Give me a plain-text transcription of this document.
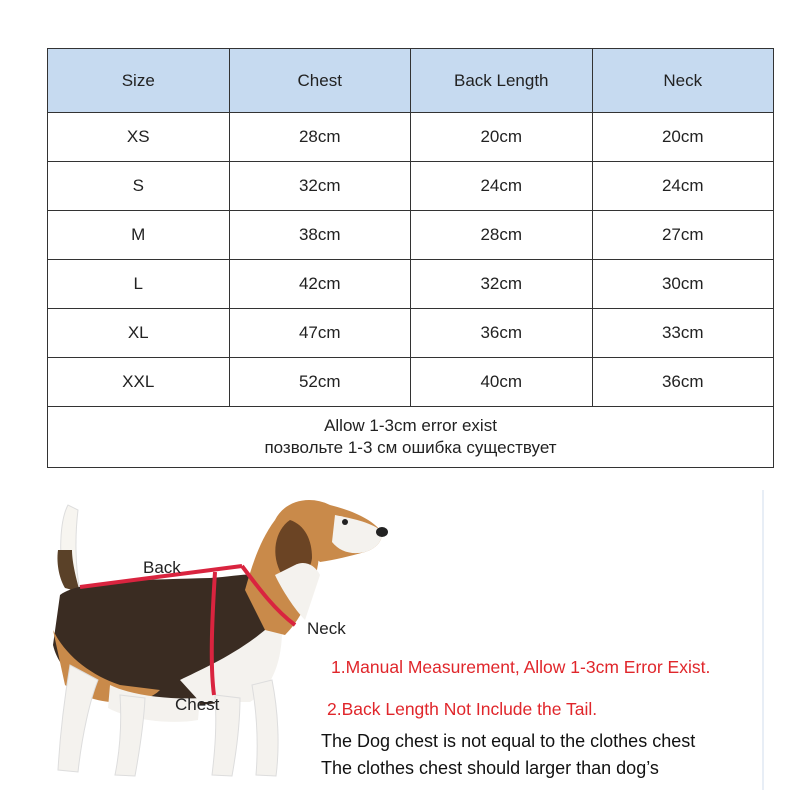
Size	Chest	Back Length	Neck
XS	28cm	20cm	20cm
S	32cm	24cm	24cm
M	38cm	28cm	27cm
L	42cm	32cm	30cm
XL	47cm	36cm	33cm
XXL	52cm	40cm	36cm

Allow 1-3cm error exist
позвольте 1-3 см ошибка существует			
Back
Neck
Chest
1.Manual Measurement, Allow 1-3cm Error Exist.
2.Back Length Not Include the Tail.
The Dog chest is not equal to the clothes chest
The clothes chest should larger than dog’s
